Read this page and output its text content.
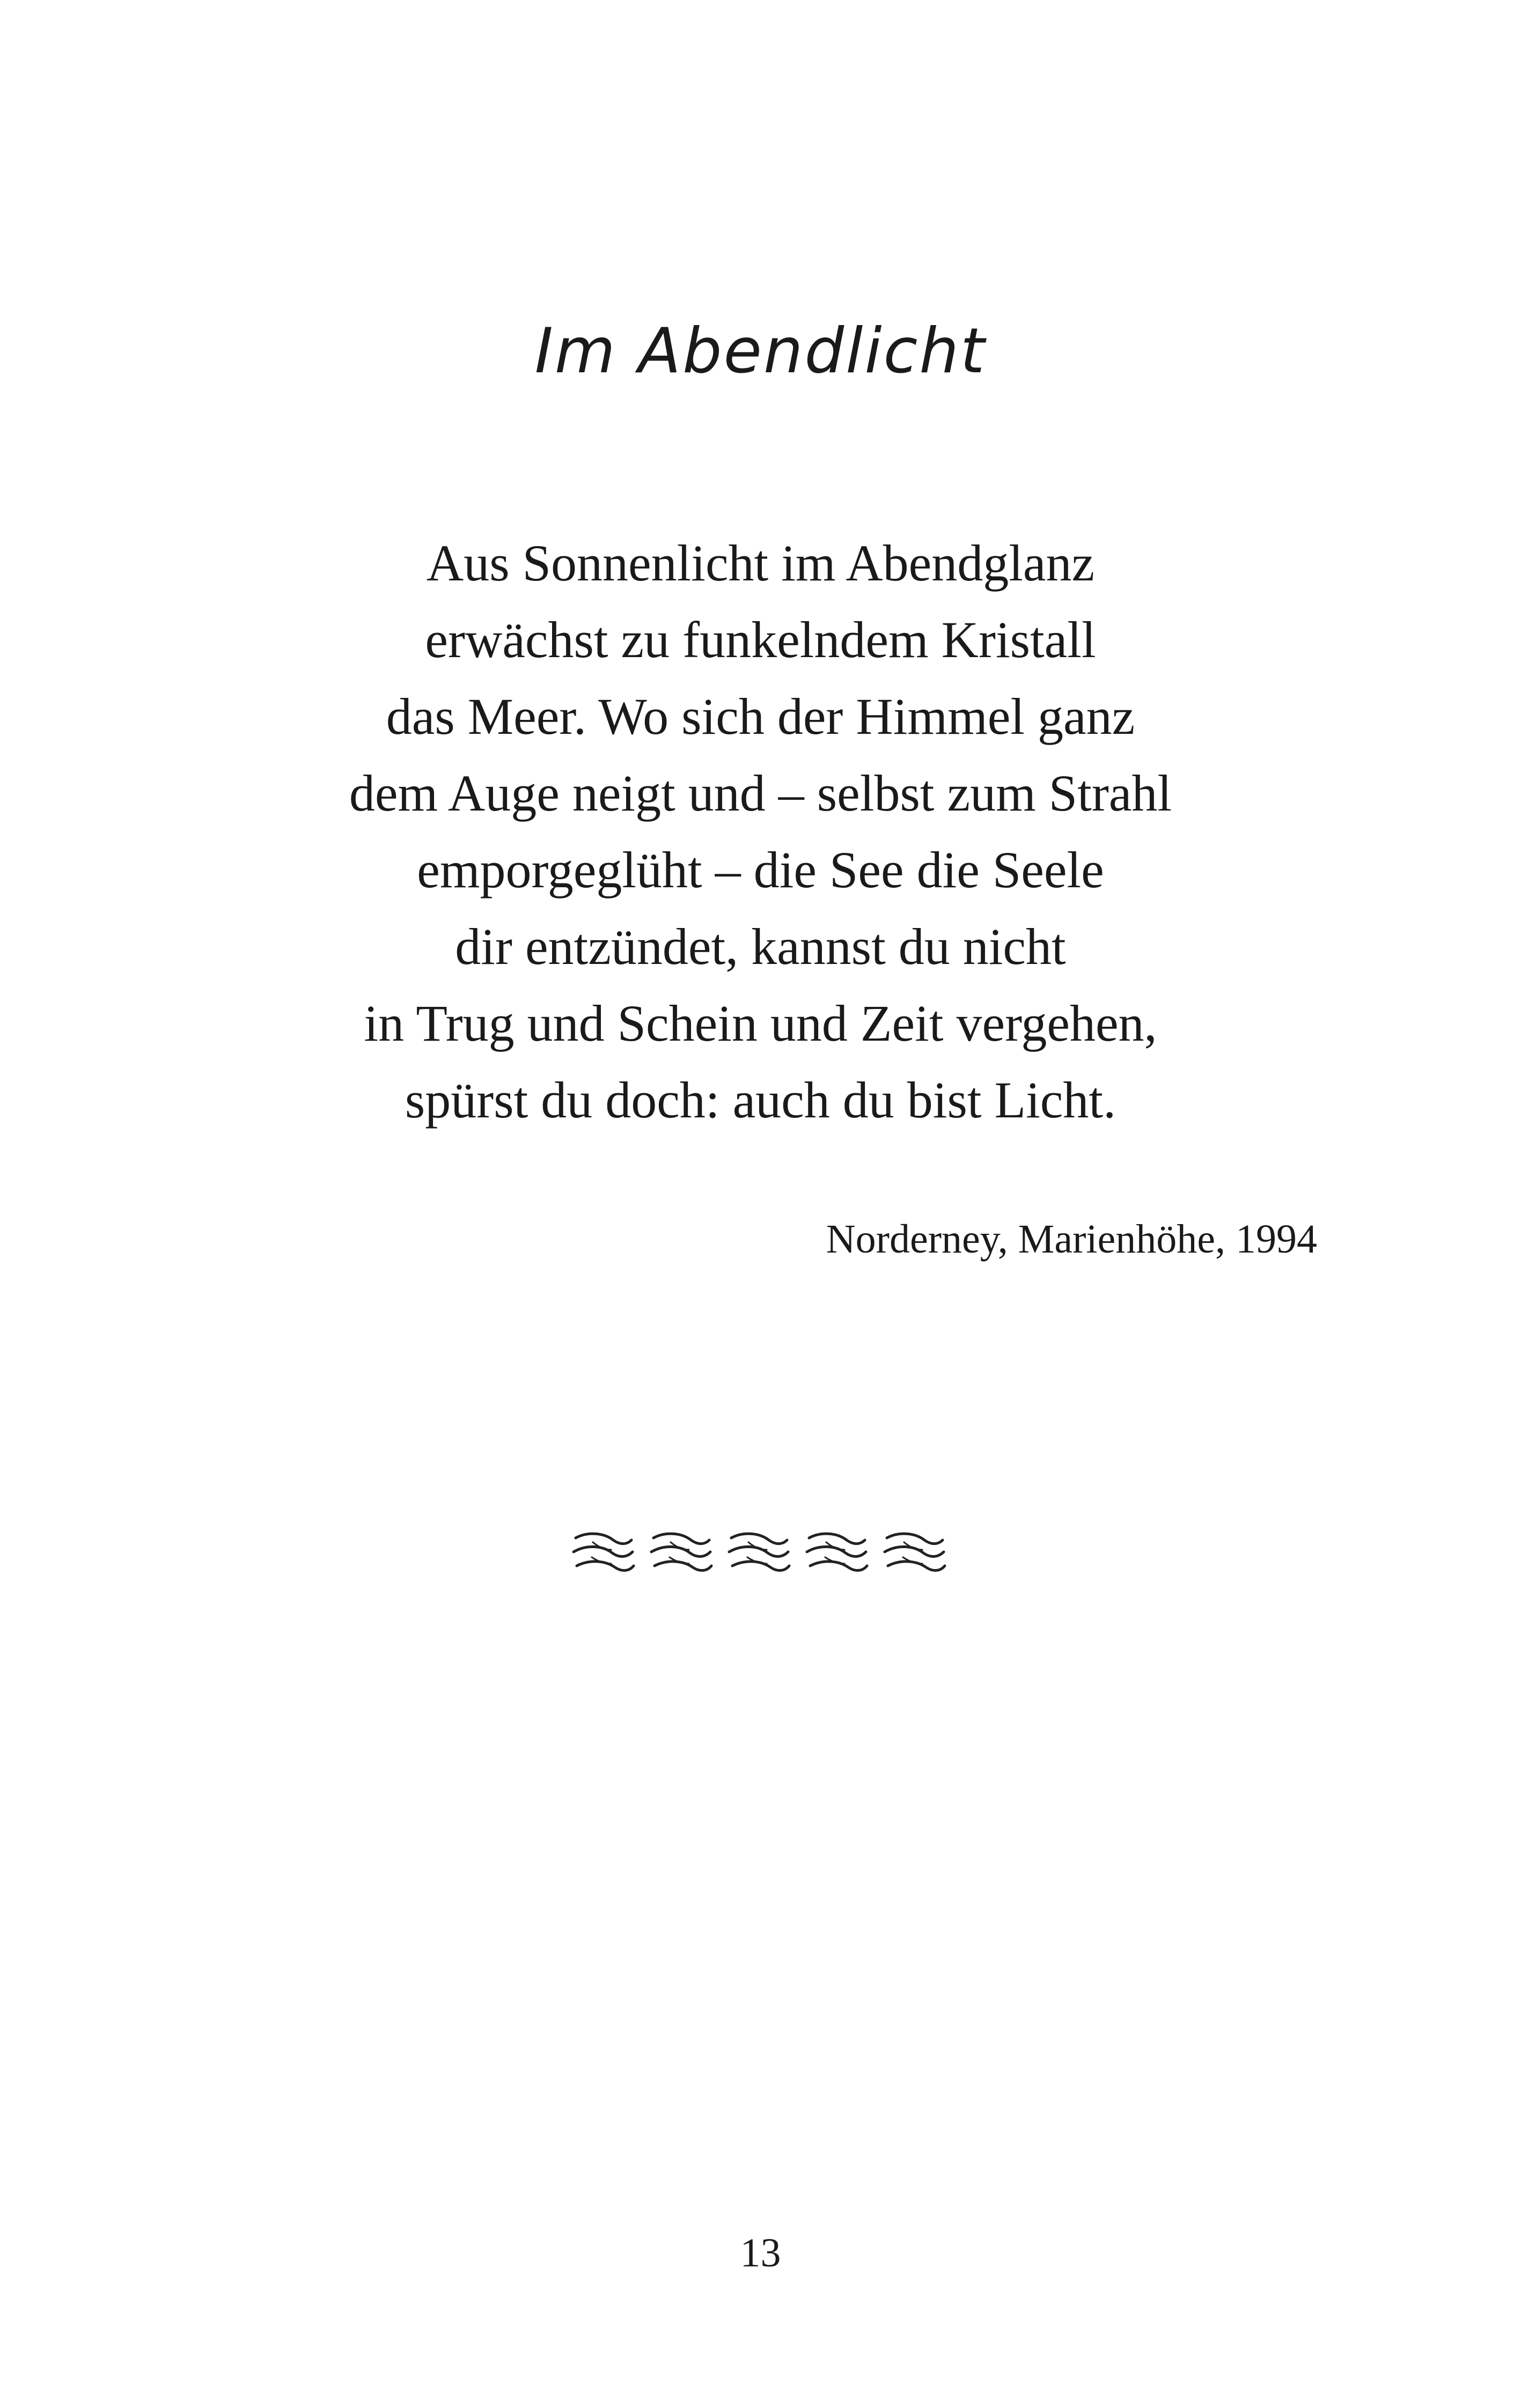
Im Abendlicht
Aus Sonnenlicht im Abendglanz
erwächst zu funkelndem Kristall
das Meer. Wo sich der Himmel ganz
dem Auge neigt und – selbst zum Strahl
emporgeglüht – die See die Seele
dir entzündet, kannst du nicht
in Trug und Schein und Zeit vergehen,
spürst du doch: auch du bist Licht.

Norderney, Marienhöhe, 1994

13
